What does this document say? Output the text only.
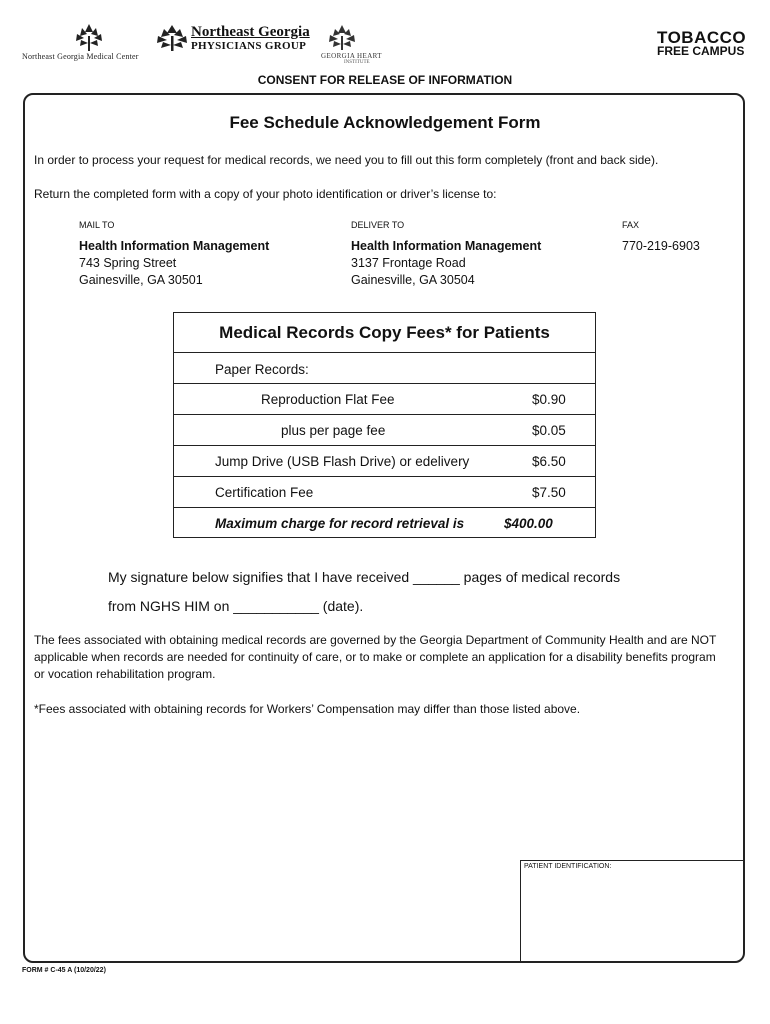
Northeast Georgia Medical Center
Northeast Georgia
PHYSICIANS GROUP
GEORGIA HEART
INSTITUTE
TOBACCO
FREE CAMPUS
CONSENT FOR RELEASE OF INFORMATION
Fee Schedule Acknowledgement Form
In order to process your request for medical records, we need you to fill out this form completely (front and back side).
Return the completed form with a copy of your photo identification or driver’s license to:
MAIL TO
Health Information Management
743 Spring Street
Gainesville, GA 30501
DELIVER TO
Health Information Management
3137 Frontage Road
Gainesville, GA 30504
FAX
770-219-6903
Medical Records Copy Fees* for Patients
Paper Records:
Reproduction Flat Fee	$0.90
plus per page fee	$0.05
Jump Drive (USB Flash Drive) or edelivery	$6.50
Certification Fee	$7.50
Maximum charge for record retrieval is	$400.00
My signature below signifies that I have received ______ pages of medical records
from NGHS HIM on ___________ (date).
The fees associated with obtaining medical records are governed by the Georgia Department of Community Health and are NOT applicable when records are needed for continuity of care, or to make or complete an application for a disability benefits program or vocation rehabilitation program.
*Fees associated with obtaining records for Workers’ Compensation may differ than those listed above.
PATIENT IDENTIFICATION:
FORM # C-45 A (10/20/22)
